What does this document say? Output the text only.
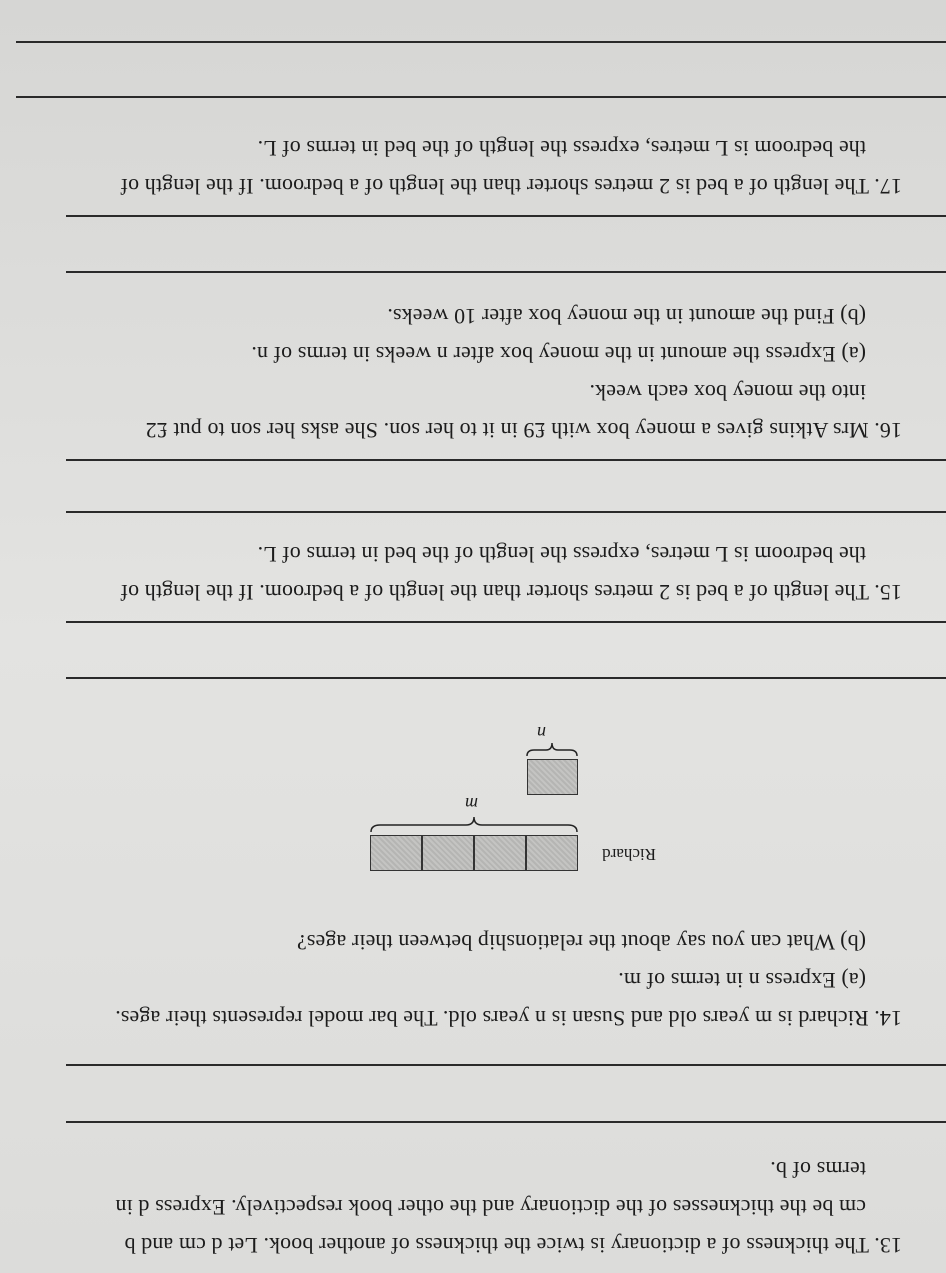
13. The thickness of a dictionary is twice the thickness of another book. Let d cm and b
cm be the thicknesses of the dictionary and the other book respectively. Express d in
terms of b.
14. Richard is m years old and Susan is n years old. The bar model represents their ages.
(a) Express n in terms of m.
(b) What can you say about the relationship between their ages?
Richard
m
n
15. The length of a bed is 2 metres shorter than the length of a bedroom. If the length of
the bedroom is L metres, express the length of the bed in terms of L.
16. Mrs Atkins gives a money box with £9 in it to her son. She asks her son to put £2
into the money box each week.
(a) Express the amount in the money box after n weeks in terms of n.
(b) Find the amount in the money box after 10 weeks.
17. The length of a bed is 2 metres shorter than the length of a bedroom. If the length of
the bedroom is L metres, express the length of the bed in terms of L.
